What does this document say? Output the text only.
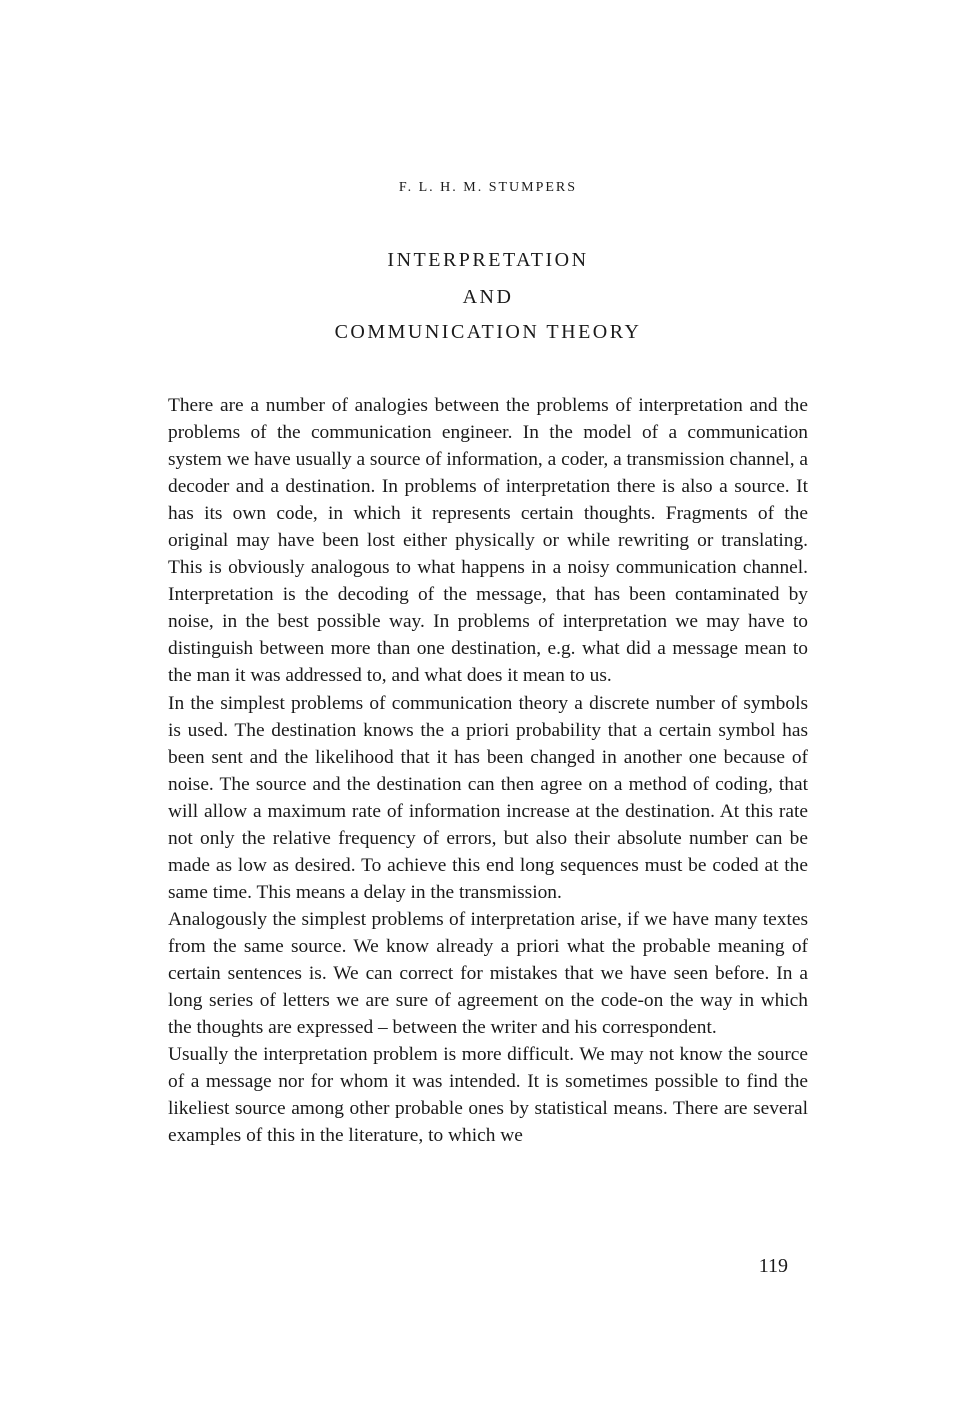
F. L. H. M. STUMPERS
INTERPRETATION
AND
COMMUNICATION THEORY

There are a number of analogies between the problems of interpretation and the problems of the communication engineer. In the model of a communication system we have usually a source of information, a coder, a transmission channel, a decoder and a destination. In problems of interpretation there is also a source. It has its own code, in which it represents certain thoughts. Fragments of the original may have been lost either physically or while rewriting or translating. This is obviously analogous to what happens in a noisy communication channel. Interpretation is the decoding of the message, that has been contaminated by noise, in the best possible way. In problems of interpretation we may have to distinguish between more than one destination, e.g. what did a message mean to the man it was addressed to, and what does it mean to us.

In the simplest problems of communication theory a discrete number of symbols is used. The destination knows the a priori probability that a certain symbol has been sent and the likelihood that it has been changed in another one because of noise. The source and the destination can then agree on a method of coding, that will allow a maximum rate of information increase at the destination. At this rate not only the relative frequency of errors, but also their absolute number can be made as low as desired. To achieve this end long sequences must be coded at the same time. This means a delay in the transmission.

Analogously the simplest problems of interpretation arise, if we have many textes from the same source. We know already a priori what the probable meaning of certain sentences is. We can correct for mistakes that we have seen before. In a long series of letters we are sure of agreement on the code-on the way in which the thoughts are expressed – between the writer and his correspondent.

Usually the interpretation problem is more difficult. We may not know the source of a message nor for whom it was intended. It is sometimes possible to find the likeliest source among other probable ones by statistical means. There are several examples of this in the literature, to which we

119
